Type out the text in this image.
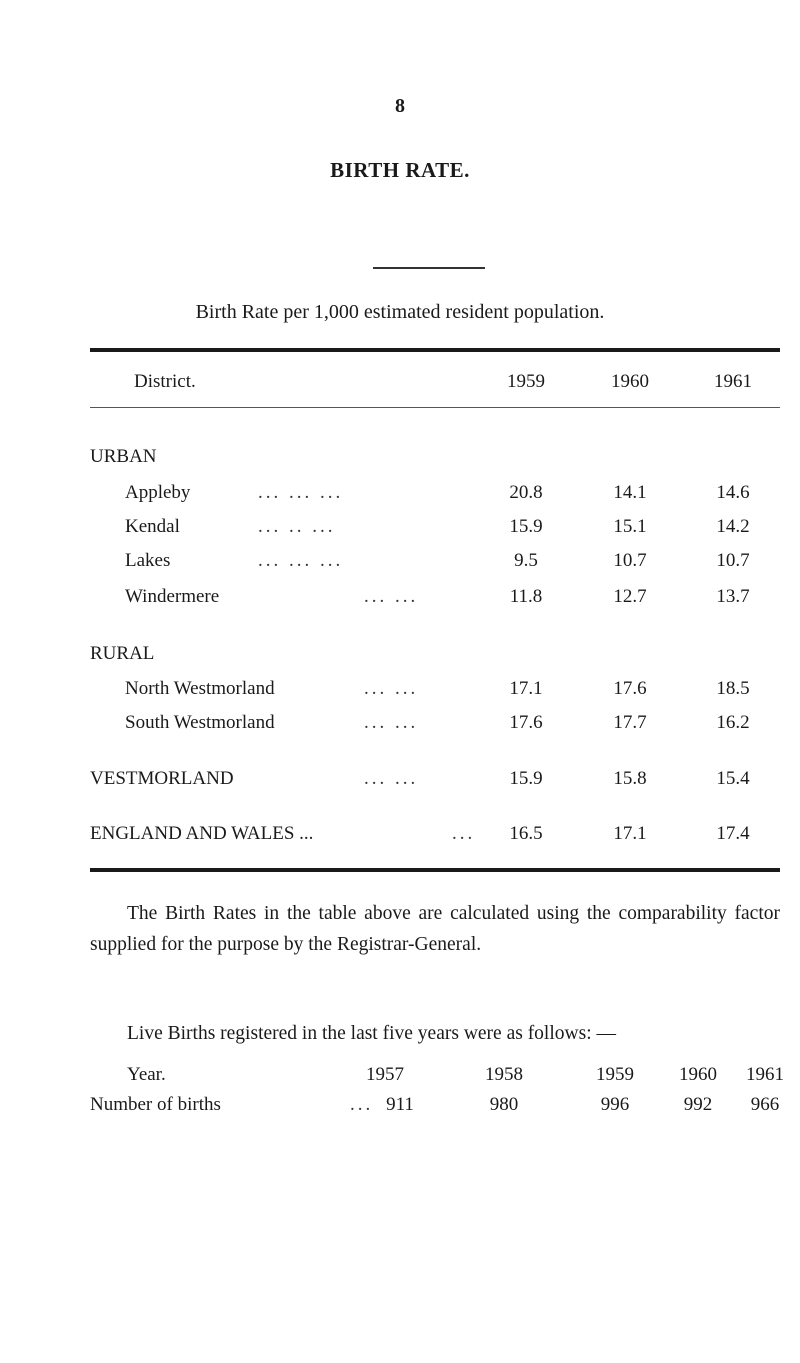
8
BIRTH RATE.
Birth Rate per 1,000 estimated resident population.
District.	1959	1960	1961
URBAN
Appleby	... ... ...	20.8	14.1	14.6
Kendal	... .. ...	15.9	15.1	14.2
Lakes	... ... ...	9.5	10.7	10.7
Windermere	... ...	11.8	12.7	13.7
RURAL
North Westmorland	... ...	17.1	17.6	18.5
South Westmorland	... ...	17.6	17.7	16.2
VESTMORLAND	... ...	15.9	15.8	15.4
ENGLAND AND WALES ...	...	16.5	17.1	17.4
The Birth Rates in the table above are calculated using the comparability factor supplied for the purpose by the Registrar-General.
Live Births registered in the last five years were as follows: —
Year.	1957	1958	1959	1960	1961
Number of births	... 911	980	996	992	966
